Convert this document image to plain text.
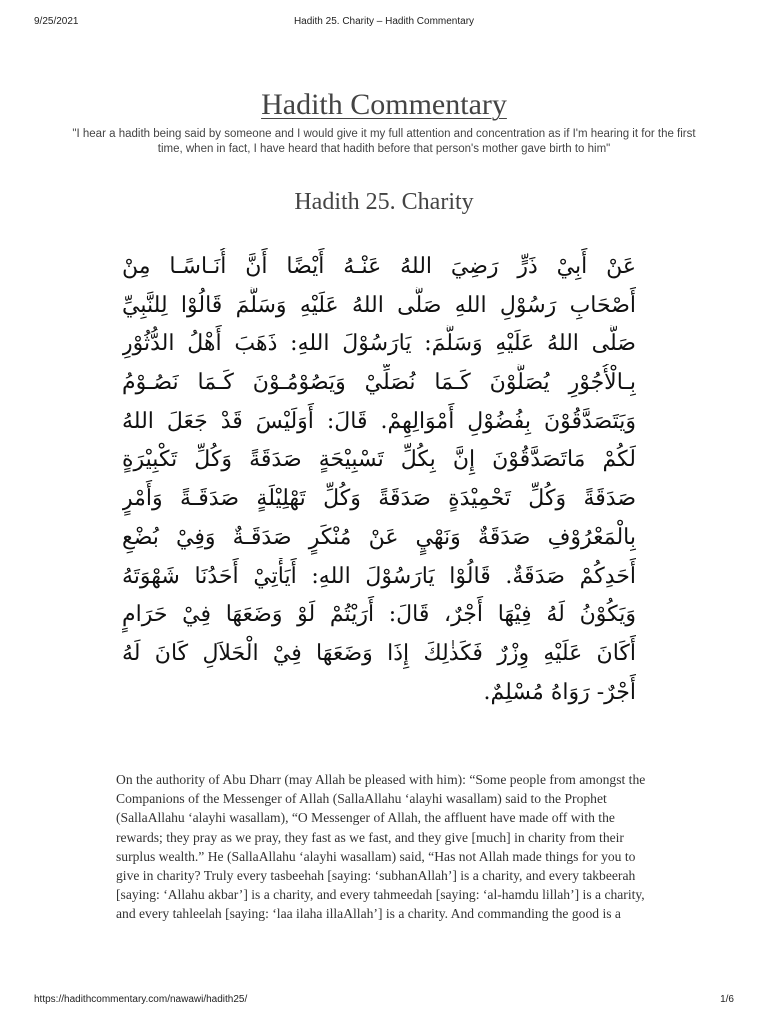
9/25/2021	Hadith 25. Charity – Hadith Commentary
Hadith Commentary

"I hear a hadith being said by someone and I would give it my full attention and concentration as if I'm hearing it for the first time, when in fact, I have heard that hadith before that person's mother gave birth to him"

Hadith 25. Charity
عَنْ أَبِيْ ذَرٍّ رَضِيَ اللهُ عَنْـهُ أَيْضًا أَنَّ أُنَـاسًـا مِنْ
أَصْحَابِ رَسُوْلِ اللهِ صَلَّى اللهُ عَلَيْهِ وَسَلَّمَ قَالُوْا لِلنَّبِيِّ
صَلَّى اللهُ عَلَيْهِ وَسَلَّمَ: يَارَسُوْلَ اللهِ: ذَهَبَ أَهْلُ الدُّثُوْرِ
بِـالْأُجُوْرِ يُصَلُّوْنَ كَـمَا نُصَلِّيْ وَيَصُوْمُـوْنَ كَـمَا نَصُـوْمُ
وَيَتَصَدَّقُوْنَ بِفُضُوْلِ أَمْوَالِهِمْ. قَالَ: أَوَلَيْسَ قَدْ جَعَلَ اللهُ
لَكُمْ مَاتَصَدَّقُوْنَ إِنَّ بِكُلِّ تَسْبِيْحَةٍ صَدَقَةً وَكُلِّ تَكْبِيْرَةٍ
صَدَقَةً وَكُلِّ تَحْمِيْدَةٍ صَدَقَةً وَكُلِّ تَهْلِيْلَةٍ صَدَقَـةً وَأَمْرٍ
بِالْمَعْرُوْفِ صَدَقَةٌ وَنَهْيٍ عَنْ مُنْكَرٍ صَدَقَـةٌ وَفِيْ بُضْعِ
أَحَدِكُمْ صَدَقَةٌ. قَالُوْا يَارَسُوْلَ اللهِ: أَيَأْتِيْ أَحَدُنَا شَهْوَتَهُ
وَيَكُوْنُ لَهُ فِيْهَا أَجْرٌ، قَالَ: أَرَيْتُمْ لَوْ وَضَعَهَا فِيْ حَرَامٍ
أَكَانَ عَلَيْهِ وِزْرٌ فَكَذٰلِكَ إِذَا وَضَعَهَا فِيْ الْحَلاَلِ كَانَ لَهُ
أَجْرٌ- رَوَاهُ مُسْلِمٌ.

On the authority of Abu Dharr (may Allah be pleased with him): “Some people from amongst the Companions of the Messenger of Allah (SallaAllahu ‘alayhi wasallam) said to the Prophet (SallaAllahu ‘alayhi wasallam), “O Messenger of Allah, the affluent have made off with the rewards; they pray as we pray, they fast as we fast, and they give [much] in charity from their surplus wealth.” He (SallaAllahu ‘alayhi wasallam) said, “Has not Allah made things for you to give in charity? Truly every tasbeehah [saying: ‘subhanAllah’] is a charity, and every takbeerah [saying: ‘Allahu akbar’] is a charity, and every tahmeedah [saying: ‘al-hamdu lillah’] is a charity, and every tahleelah [saying: ‘laa ilaha illaAllah’] is a charity. And commanding the good is a

https://hadithcommentary.com/nawawi/hadith25/	1/6
